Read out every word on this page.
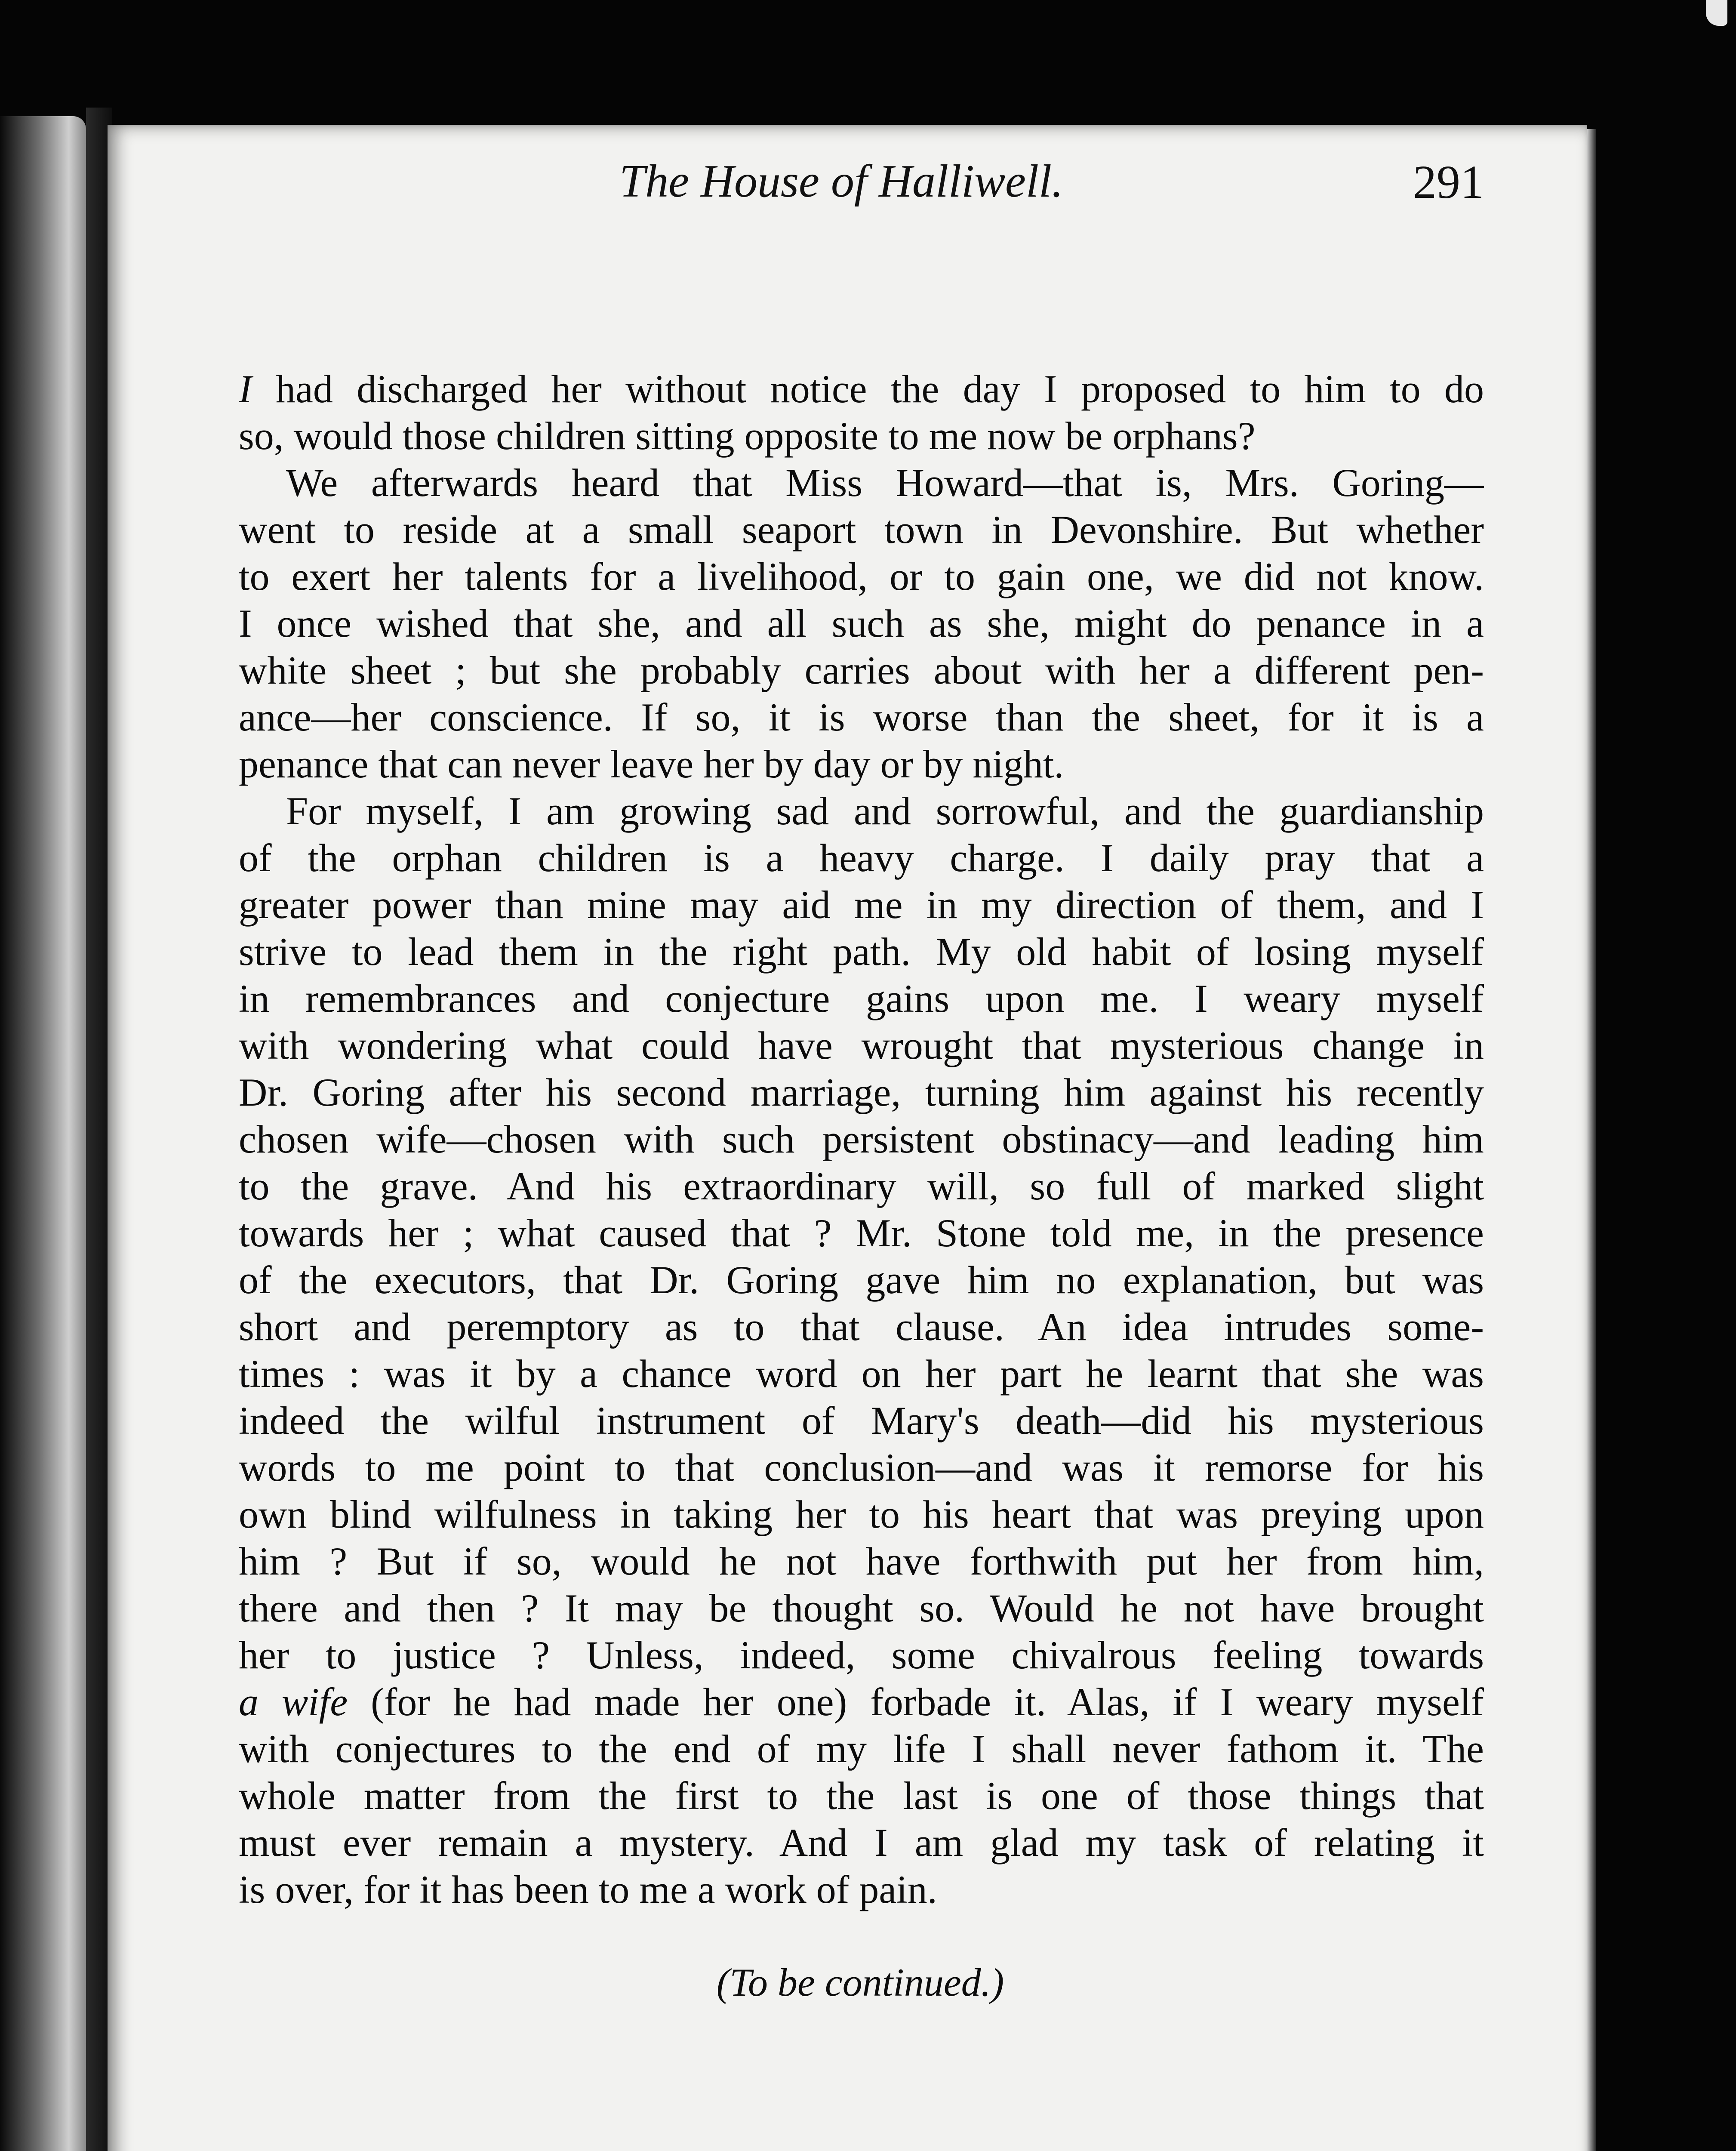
The House of Halliwell.	291
I had discharged her without notice the day I proposed to him to do
so, would those children sitting opposite to me now be orphans?
We afterwards heard that Miss Howard—that is, Mrs. Goring—
went to reside at a small seaport town in Devonshire. But whether
to exert her talents for a livelihood, or to gain one, we did not know.
I once wished that she, and all such as she, might do penance in a
white sheet ; but she probably carries about with her a different pen-
ance—her conscience. If so, it is worse than the sheet, for it is a
penance that can never leave her by day or by night.
For myself, I am growing sad and sorrowful, and the guardianship
of the orphan children is a heavy charge. I daily pray that a
greater power than mine may aid me in my direction of them, and I
strive to lead them in the right path. My old habit of losing myself
in remembrances and conjecture gains upon me. I weary myself
with wondering what could have wrought that mysterious change in
Dr. Goring after his second marriage, turning him against his recently
chosen wife—chosen with such persistent obstinacy—and leading him
to the grave. And his extraordinary will, so full of marked slight
towards her ; what caused that ? Mr. Stone told me, in the presence
of the executors, that Dr. Goring gave him no explanation, but was
short and peremptory as to that clause. An idea intrudes some-
times : was it by a chance word on her part he learnt that she was
indeed the wilful instrument of Mary's death—did his mysterious
words to me point to that conclusion—and was it remorse for his
own blind wilfulness in taking her to his heart that was preying upon
him ? But if so, would he not have forthwith put her from him,
there and then ? It may be thought so. Would he not have brought
her to justice ? Unless, indeed, some chivalrous feeling towards
a wife (for he had made her one) forbade it. Alas, if I weary myself
with conjectures to the end of my life I shall never fathom it. The
whole matter from the first to the last is one of those things that
must ever remain a mystery. And I am glad my task of relating it
is over, for it has been to me a work of pain.
(To be continued.)
